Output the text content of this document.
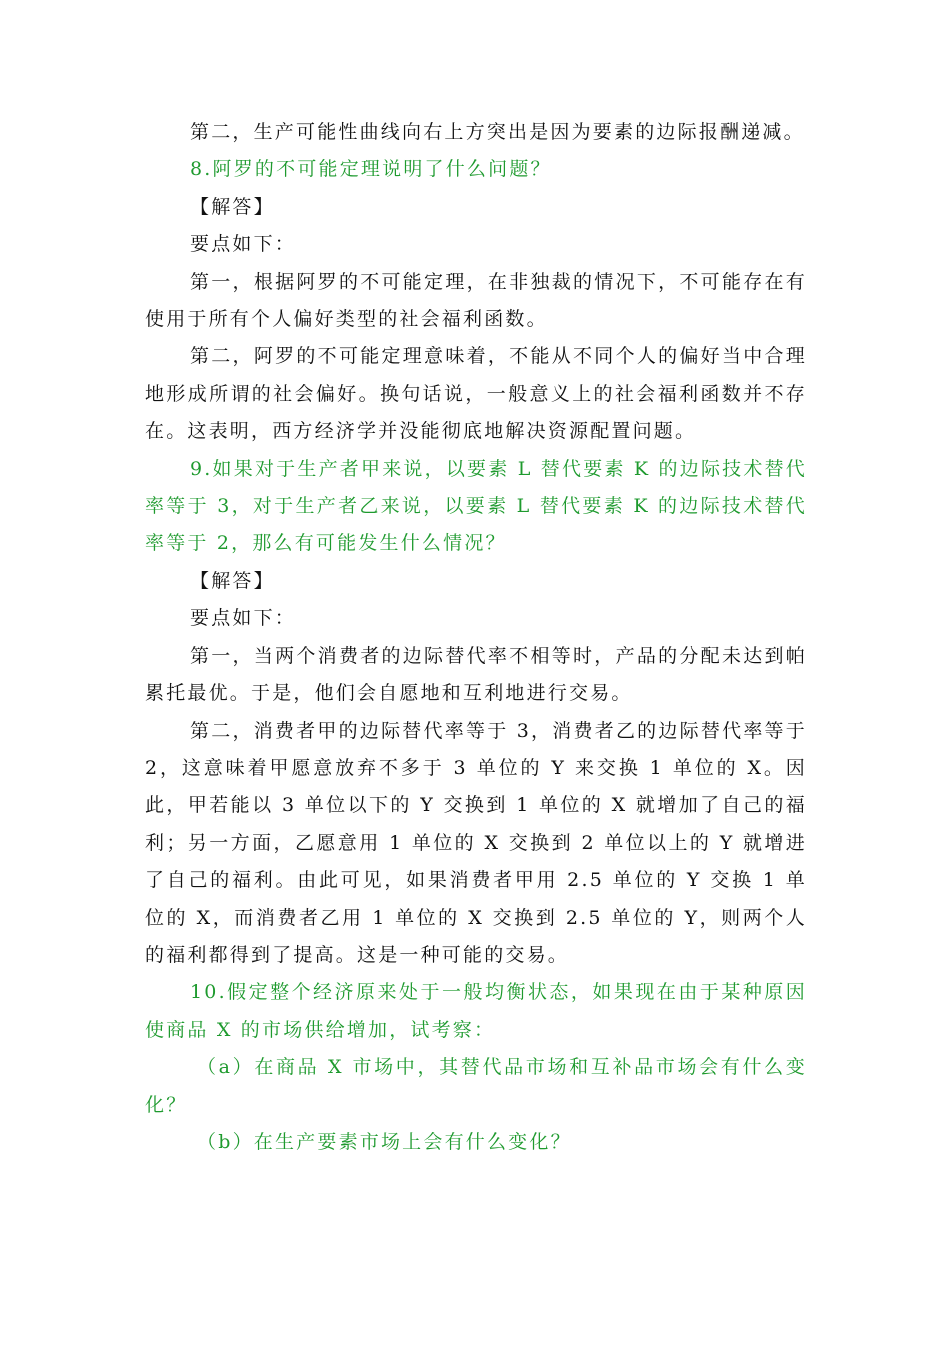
第二，生产可能性曲线向右上方突出是因为要素的边际报酬递减。

8.阿罗的不可能定理说明了什么问题？

【解答】

要点如下：

第一，根据阿罗的不可能定理，在非独裁的情况下，不可能存在有使用于所有个人偏好类型的社会福利函数。

第二，阿罗的不可能定理意味着，不能从不同个人的偏好当中合理地形成所谓的社会偏好。换句话说，一般意义上的社会福利函数并不存在。这表明，西方经济学并没能彻底地解决资源配置问题。

9.如果对于生产者甲来说，以要素 L 替代要素 K 的边际技术替代率等于 3，对于生产者乙来说，以要素 L 替代要素 K 的边际技术替代率等于 2，那么有可能发生什么情况？

【解答】

要点如下：

第一，当两个消费者的边际替代率不相等时，产品的分配未达到帕累托最优。于是，他们会自愿地和互利地进行交易。

第二，消费者甲的边际替代率等于 3，消费者乙的边际替代率等于 2，这意味着甲愿意放弃不多于 3 单位的 Y 来交换 1 单位的 X。因此，甲若能以 3 单位以下的 Y 交换到 1 单位的 X 就增加了自己的福利；另一方面，乙愿意用 1 单位的 X 交换到 2 单位以上的 Y 就增进了自己的福利。由此可见，如果消费者甲用 2.5 单位的 Y 交换 1 单位的 X，而消费者乙用 1 单位的 X 交换到 2.5 单位的 Y，则两个人的福利都得到了提高。这是一种可能的交易。

10.假定整个经济原来处于一般均衡状态，如果现在由于某种原因使商品 X 的市场供给增加，试考察：

（a）在商品 X 市场中，其替代品市场和互补品市场会有什么变化？

（b）在生产要素市场上会有什么变化？
